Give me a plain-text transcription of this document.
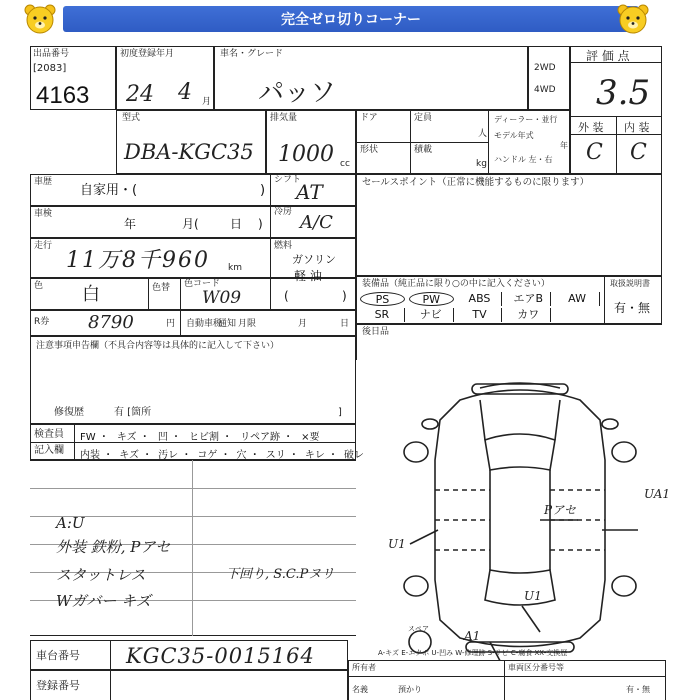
完全ゼロ切りコーナー
出品番号
[2083]
4163
初度登録年月
24 4 月
車名・グレード
パッソ
2WD
4WD
評 価 点
3.5
外 装 内 装
C C
型式
DBA-KGC35
排気量
1000 cc
ドア	定員
人
ディーラー・並行
形状	積載
kg
モデル年式
年
ハンドル 左・右
車歴
自家用・(	)
シフト
AT
車検
年	月(	日 )
冷房 A/C
走行
11万8千960 km
燃料
ガソリン
軽 油
色 白	色替 色コード
W09	(	)
R券 8790	円 自動車税
通知 月限	月	日
注意事項申告欄（不具合内容等は具体的に記入して下さい）
修復歴	有 [箇所	]
検査員
記入欄
FW ・ キズ ・ 凹 ・ ヒビ割 ・ リペア跡 ・ ×要
内装 ・ キズ ・ 汚レ ・ コゲ ・ 穴 ・ スリ ・ キレ ・ 破レ
A:U
外装 鉄粉, Pアセ
スタットレス	下回り, S.C.Pヌリ
Wガバー キズ
セールスポイント（正常に機能するものに限ります）
装備品（純正品に限り○の中に記入ください）	取扱説明書
有・無
PS	PW	ABS	エアB	AW
SR	ナビ	TV	カワ
後日品
Pアセ
UA1
U1
U1
A1
スペア
車台番号 KGC35-0015164
登録番号
A-キズ E-エクボ U-凹み W-修理跡 S-サビ C-腐食 XX-交換歴
所有者	車両区分番号等
預かり
名義	有・無
